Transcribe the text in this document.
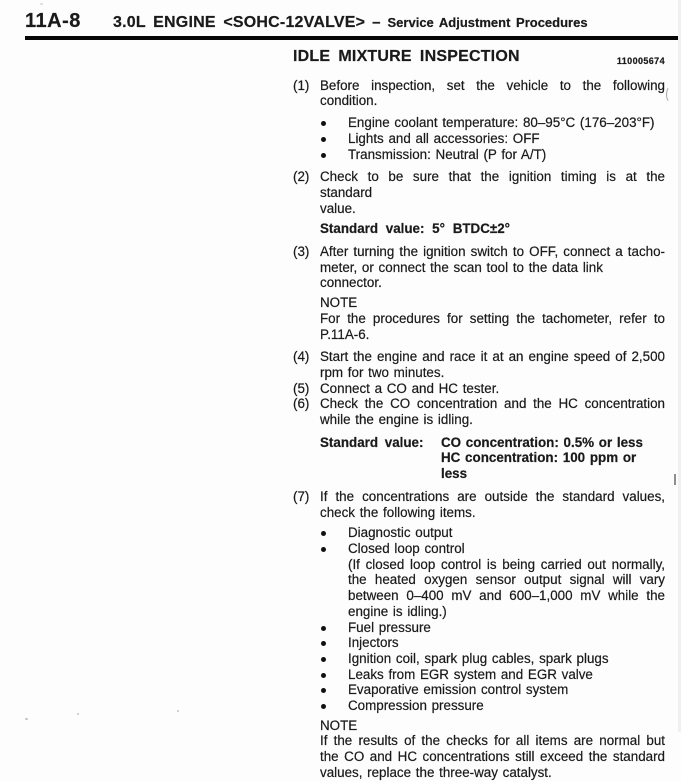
11A-8	3.0L ENGINE <SOHC-12VALVE> – Service Adjustment Procedures
IDLE MIXTURE INSPECTION	110005674
(1) Before inspection, set the vehicle to the following
condition.
Engine coolant temperature: 80–95°C (176–203°F)
Lights and all accessories: OFF
Transmission: Neutral (P for A/T)
(2) Check to be sure that the ignition timing is at the standard
value.
Standard value: 5° BTDC±2°
(3) After turning the ignition switch to OFF, connect a tacho-
meter, or connect the scan tool to the data link connector.
NOTE
For the procedures for setting the tachometer, refer to
P.11A-6.
(4) Start the engine and race it at an engine speed of 2,500
rpm for two minutes.
(5) Connect a CO and HC tester.
(6) Check the CO concentration and the HC concentration
while the engine is idling.
Standard value:	CO concentration: 0.5% or less
HC concentration: 100 ppm or less
(7) If the concentrations are outside the standard values,
check the following items.
Diagnostic output
Closed loop control
(If closed loop control is being carried out normally,
the heated oxygen sensor output signal will vary
between 0–400 mV and 600–1,000 mV while the
engine is idling.)
Fuel pressure
Injectors
Ignition coil, spark plug cables, spark plugs
Leaks from EGR system and EGR valve
Evaporative emission control system
Compression pressure
NOTE
If the results of the checks for all items are normal but
the CO and HC concentrations still exceed the standard
values, replace the three-way catalyst.
